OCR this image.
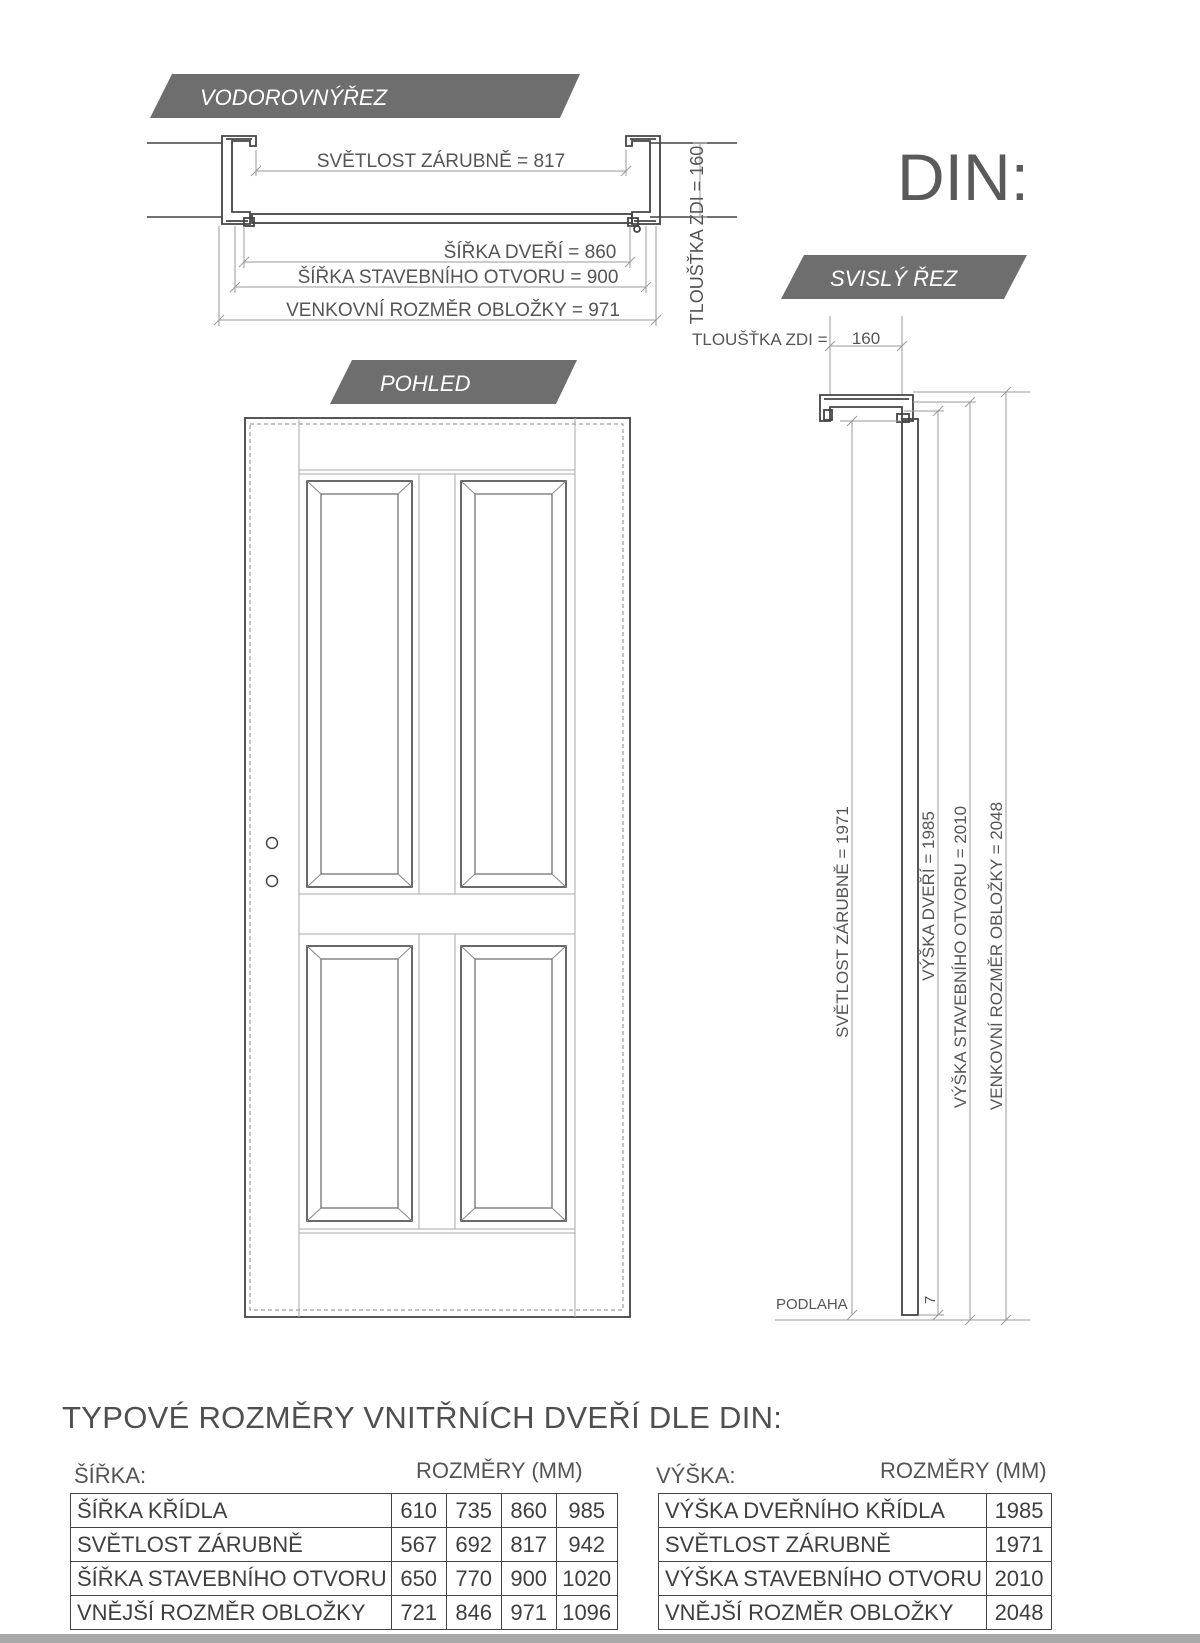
VODOROVNÝŘEZ
SVĚTLOST ZÁRUBNĚ = 817
ŠÍŘKA DVEŘÍ = 860
ŠÍŘKA STAVEBNÍHO OTVORU = 900
VENKOVNÍ ROZMĚR OBLOŽKY = 971	TLOUŠŤKA ZDI = 160	DIN:
SVISLÝ ŘEZ
TLOUŠŤKA ZDI = 160
SVĚTLOST ZÁRUBNĚ = 1971	VÝŠKA DVEŘÍ = 1985 VÝŠKA STAVEBNÍHO OTVORU = 2010 VENKOVNÍ ROZMĚR OBLOŽKY = 2048
PODLAHA	7
POHLED
TYPOVÉ ROZMĚRY VNITŘNÍCH DVEŘÍ DLE DIN:
ŠÍŘKA:	ROZMĚRY (MM)
ŠÍŘKA KŘÍDLA	610	735	860	985
SVĚTLOST ZÁRUBNĚ	567	692	817	942
ŠÍŘKA STAVEBNÍHO OTVORU	650	770	900	1020
VNĚJŠÍ ROZMĚR OBLOŽKY	721	846	971	1096
VÝŠKA:	ROZMĚRY (MM)
VÝŠKA DVEŘNÍHO KŘÍDLA	1985
SVĚTLOST ZÁRUBNĚ	1971
VÝŠKA STAVEBNÍHO OTVORU	2010
VNĚJŠÍ ROZMĚR OBLOŽKY	2048
